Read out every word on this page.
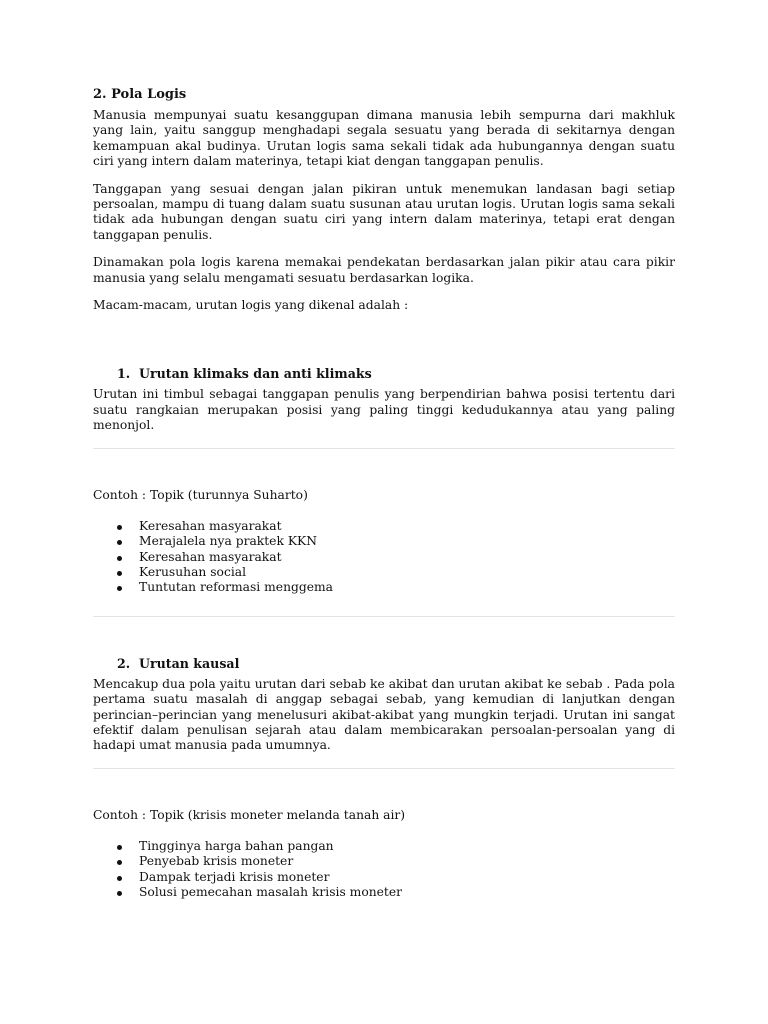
2. Pola Logis

Manusia mempunyai suatu kesanggupan dimana manusia lebih sempurna dari makhluk yang lain, yaitu sanggup menghadapi segala sesuatu yang berada di sekitarnya dengan kemampuan akal budinya. Urutan logis sama sekali tidak ada hubungannya dengan suatu ciri yang intern dalam materinya, tetapi kiat dengan tanggapan penulis.

Tanggapan yang sesuai dengan jalan pikiran untuk menemukan landasan bagi setiap persoalan, mampu di tuang dalam suatu susunan atau urutan logis. Urutan logis sama sekali tidak ada hubungan dengan suatu ciri yang intern dalam materinya, tetapi erat dengan tanggapan penulis.

Dinamakan pola logis karena memakai pendekatan berdasarkan jalan pikir atau cara pikir manusia yang selalu mengamati sesuatu berdasarkan logika.

Macam-macam, urutan logis yang dikenal adalah :

1. Urutan klimaks dan anti klimaks

Urutan ini timbul sebagai tanggapan penulis yang berpendirian bahwa posisi tertentu dari suatu rangkaian merupakan posisi yang paling tinggi kedudukannya atau yang paling menonjol.

Contoh : Topik (turunnya Suharto)

Keresahan masyarakat
Merajalela nya praktek KKN
Keresahan masyarakat
Kerusuhan social
Tuntutan reformasi menggema
2. Urutan kausal

Mencakup dua pola yaitu urutan dari sebab ke akibat dan urutan akibat ke sebab . Pada pola pertama suatu masalah di anggap sebagai sebab, yang kemudian di lanjutkan dengan perincian–perincian yang menelusuri akibat-akibat yang mungkin terjadi. Urutan ini sangat efektif dalam penulisan sejarah atau dalam membicarakan persoalan-persoalan yang di hadapi umat manusia pada umumnya.

Contoh : Topik (krisis moneter melanda tanah air)

Tingginya harga bahan pangan
Penyebab krisis moneter
Dampak terjadi krisis moneter
Solusi pemecahan masalah krisis moneter
